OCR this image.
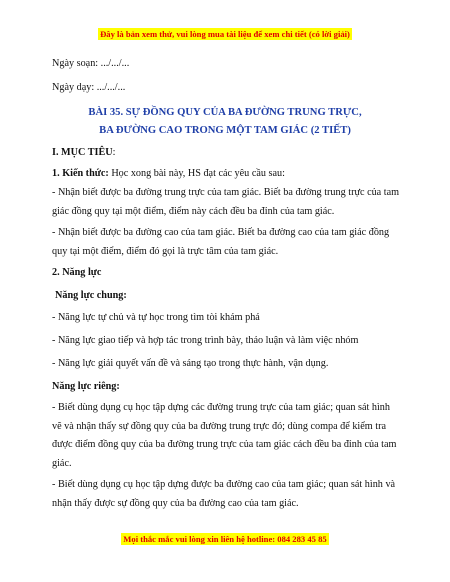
Đây là bản xem thử, vui lòng mua tài liệu để xem chi tiết (có lời giải)
Ngày soạn: .../.../...
Ngày dạy: .../.../...
BÀI 35. SỰ ĐỒNG QUY CỦA BA ĐƯỜNG TRUNG TRỰC,
BA ĐƯỜNG CAO TRONG MỘT TAM GIÁC (2 TIẾT)
I. MỤC TIÊU:
1. Kiến thức: Học xong bài này, HS đạt các yêu cầu sau:
- Nhận biết được ba đường trung trực của tam giác. Biết ba đường trung trực của tam giác đồng quy tại một điểm, điểm này cách đều ba đỉnh của tam giác.
- Nhận biết được ba đường cao của tam giác. Biết ba đường cao của tam giác đồng quy tại một điểm, điểm đó gọi là trực tâm của tam giác.
2. Năng lực
Năng lực chung:
- Năng lực tự chủ và tự học trong tìm tòi khám phá
- Năng lực giao tiếp và hợp tác trong trình bày, thảo luận và làm việc nhóm
- Năng lực giải quyết vấn đề và sáng tạo trong thực hành, vận dụng.
Năng lực riêng:
- Biết dùng dụng cụ học tập dựng các đường trung trực của tam giác; quan sát hình vẽ và nhận thấy sự đồng quy của ba đường trung trực đó; dùng compa để kiểm tra được điểm đồng quy của ba đường trung trực của tam giác cách đều ba đỉnh của tam giác.
- Biết dùng dụng cụ học tập dựng được ba đường cao của tam giác; quan sát hình và nhận thấy được sự đồng quy của ba đường cao của tam giác.
Mọi thắc mắc vui lòng xin liên hệ hotline: 084 283 45 85
